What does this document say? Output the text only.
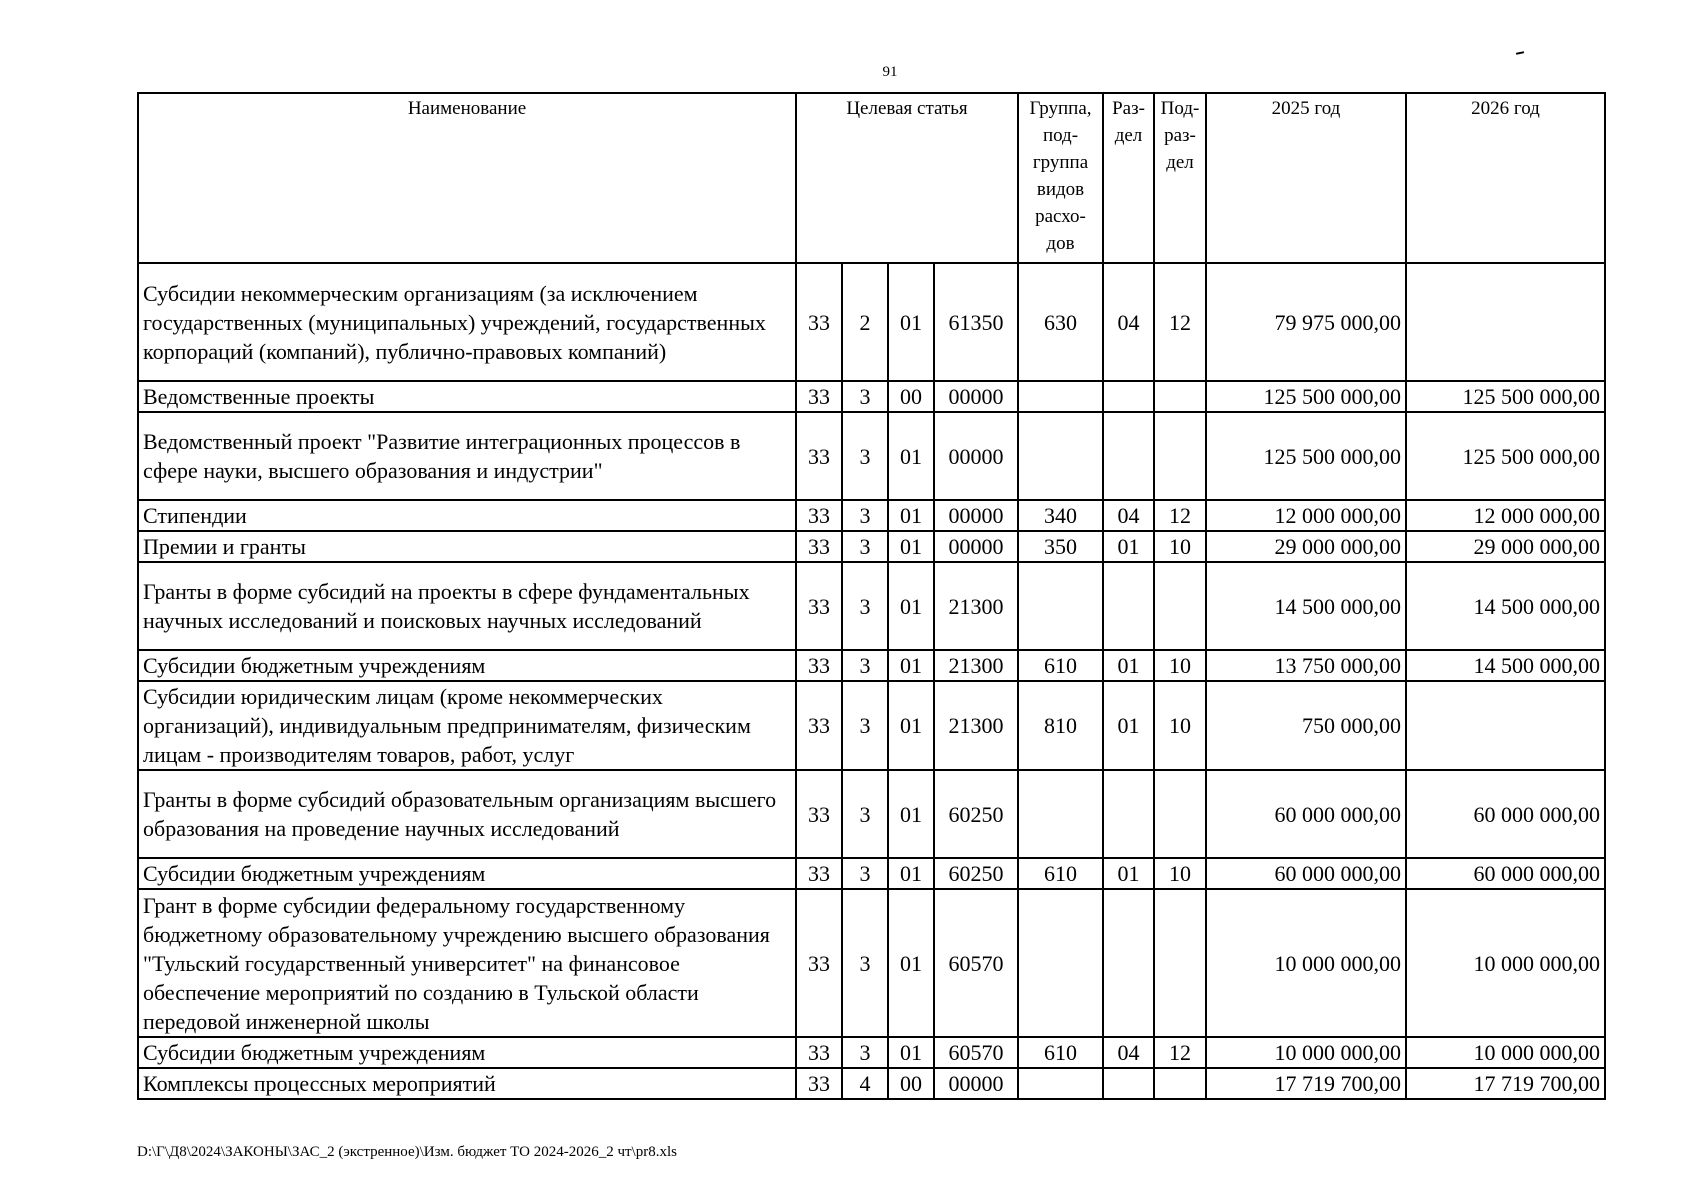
91
Наименование	Целевая статья				Группа, под-группа видов расхо-дов	Раз-дел	Под-раз-дел	2025 год	2026 год
Субсидии некоммерческим организациям (за исключением государственных (муниципальных) учреждений, государственных корпораций (компаний), публично-правовых компаний)	33	2	01	61350	630	04	12	79 975 000,00	
Ведомственные проекты	33	3	00	00000				125 500 000,00	125 500 000,00
Ведомственный проект "Развитие интеграционных процессов в сфере науки, высшего образования и индустрии"	33	3	01	00000				125 500 000,00	125 500 000,00
Стипендии	33	3	01	00000	340	04	12	12 000 000,00	12 000 000,00
Премии и гранты	33	3	01	00000	350	01	10	29 000 000,00	29 000 000,00
Гранты в форме субсидий на проекты в сфере фундаментальных научных исследований и поисковых научных исследований	33	3	01	21300				14 500 000,00	14 500 000,00
Субсидии бюджетным учреждениям	33	3	01	21300	610	01	10	13 750 000,00	14 500 000,00
Субсидии юридическим лицам (кроме некоммерческих организаций), индивидуальным предпринимателям, физическим лицам - производителям товаров, работ, услуг	33	3	01	21300	810	01	10	750 000,00	
Гранты в форме субсидий образовательным организациям высшего образования на проведение научных исследований	33	3	01	60250				60 000 000,00	60 000 000,00
Субсидии бюджетным учреждениям	33	3	01	60250	610	01	10	60 000 000,00	60 000 000,00
Грант в форме субсидии федеральному государственному бюджетному образовательному учреждению высшего образования "Тульский государственный университет" на финансовое обеспечение мероприятий по созданию в Тульской области передовой инженерной школы	33	3	01	60570				10 000 000,00	10 000 000,00
Субсидии бюджетным учреждениям	33	3	01	60570	610	04	12	10 000 000,00	10 000 000,00
Комплексы процессных мероприятий	33	4	00	00000				17 719 700,00	17 719 700,00
D:\Г\Д8\2024\ЗАКОНЫ\ЗАС_2 (экстренное)\Изм. бюджет ТО 2024-2026_2 чт\pr8.xls
